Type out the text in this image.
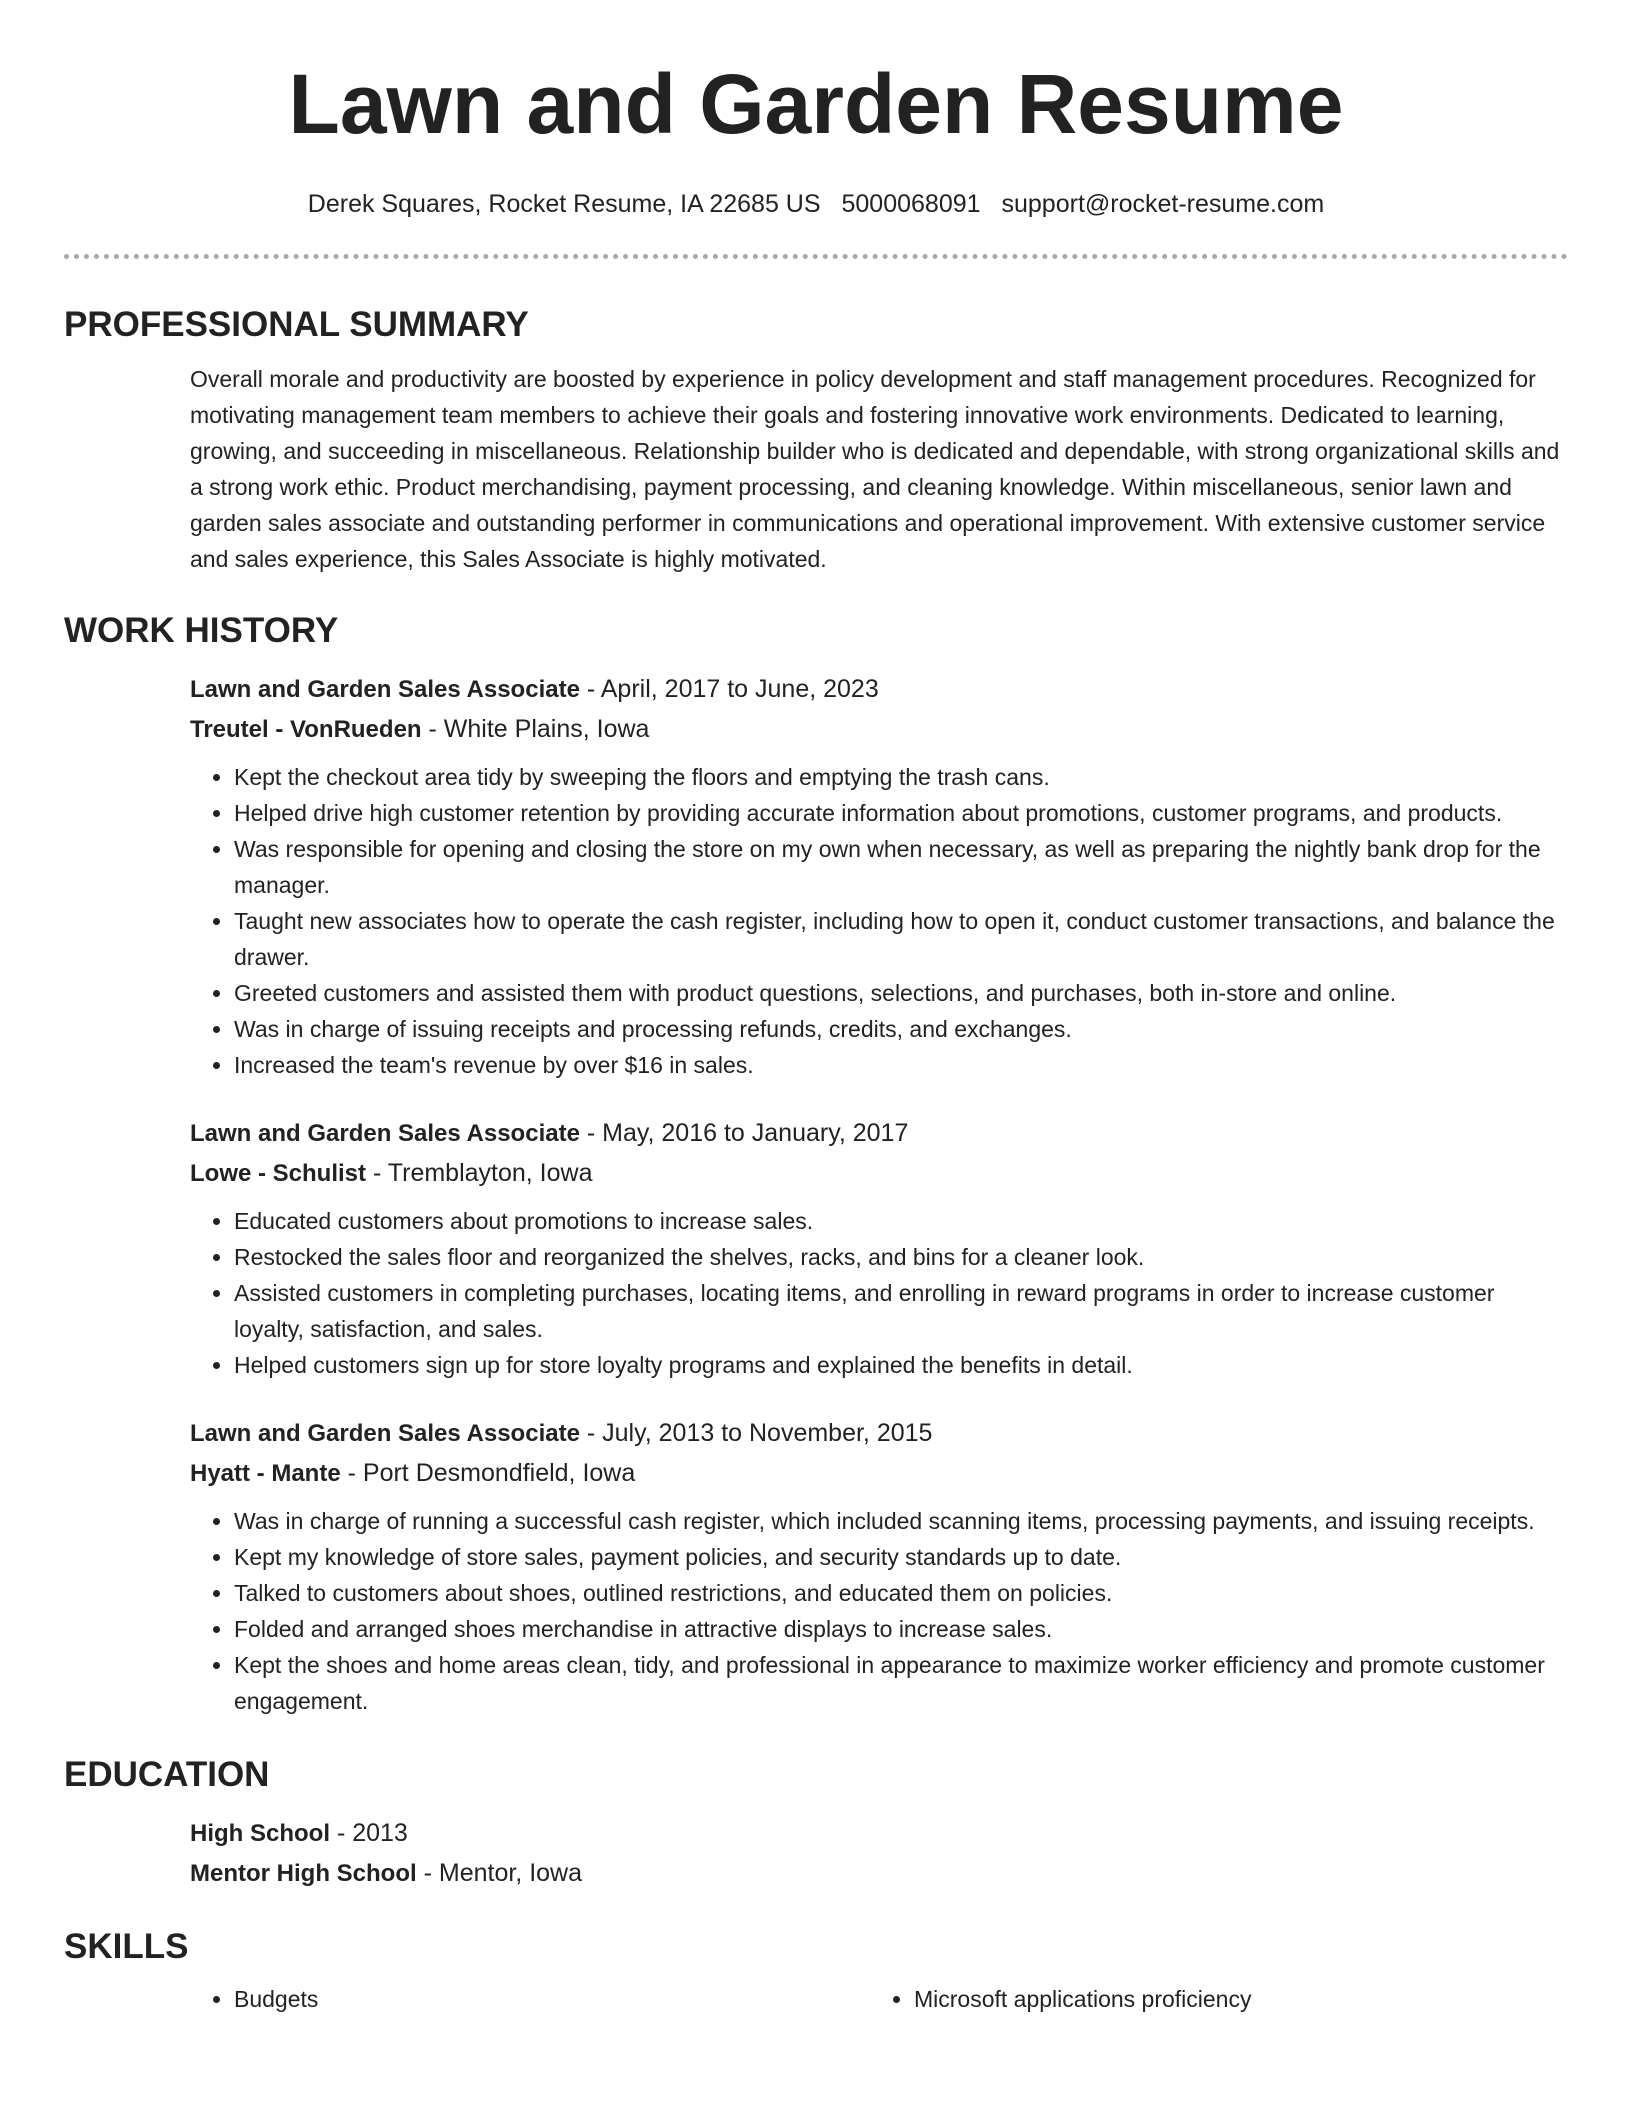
Lawn and Garden Resume
Derek Squares, Rocket Resume, IA 22685 US 5000068091 support@rocket-resume.com
PROFESSIONAL SUMMARY

Overall morale and productivity are boosted by experience in policy development and staff management procedures. Recognized for motivating management team members to achieve their goals and fostering innovative work environments. Dedicated to learning, growing, and succeeding in miscellaneous. Relationship builder who is dedicated and dependable, with strong organizational skills and a strong work ethic. Product merchandising, payment processing, and cleaning knowledge. Within miscellaneous, senior lawn and garden sales associate and outstanding performer in communications and operational improvement. With extensive customer service and sales experience, this Sales Associate is highly motivated.

WORK HISTORY
Lawn and Garden Sales Associate - April, 2017 to June, 2023
Treutel - VonRueden - White Plains, Iowa
• Kept the checkout area tidy by sweeping the floors and emptying the trash cans.
• Helped drive high customer retention by providing accurate information about promotions, customer programs, and products.
• Was responsible for opening and closing the store on my own when necessary, as well as preparing the nightly bank drop for the manager.
• Taught new associates how to operate the cash register, including how to open it, conduct customer transactions, and balance the drawer.
• Greeted customers and assisted them with product questions, selections, and purchases, both in-store and online.
• Was in charge of issuing receipts and processing refunds, credits, and exchanges.
• Increased the team's revenue by over $16 in sales.
Lawn and Garden Sales Associate - May, 2016 to January, 2017
Lowe - Schulist - Tremblayton, Iowa
• Educated customers about promotions to increase sales.
• Restocked the sales floor and reorganized the shelves, racks, and bins for a cleaner look.
• Assisted customers in completing purchases, locating items, and enrolling in reward programs in order to increase customer loyalty, satisfaction, and sales.
• Helped customers sign up for store loyalty programs and explained the benefits in detail.
Lawn and Garden Sales Associate - July, 2013 to November, 2015
Hyatt - Mante - Port Desmondfield, Iowa
• Was in charge of running a successful cash register, which included scanning items, processing payments, and issuing receipts.
• Kept my knowledge of store sales, payment policies, and security standards up to date.
• Talked to customers about shoes, outlined restrictions, and educated them on policies.
• Folded and arranged shoes merchandise in attractive displays to increase sales.
• Kept the shoes and home areas clean, tidy, and professional in appearance to maximize worker efficiency and promote customer engagement.
EDUCATION
High School - 2013
Mentor High School - Mentor, Iowa
SKILLS
• Budgets
•	Microsoft applications proficiency
